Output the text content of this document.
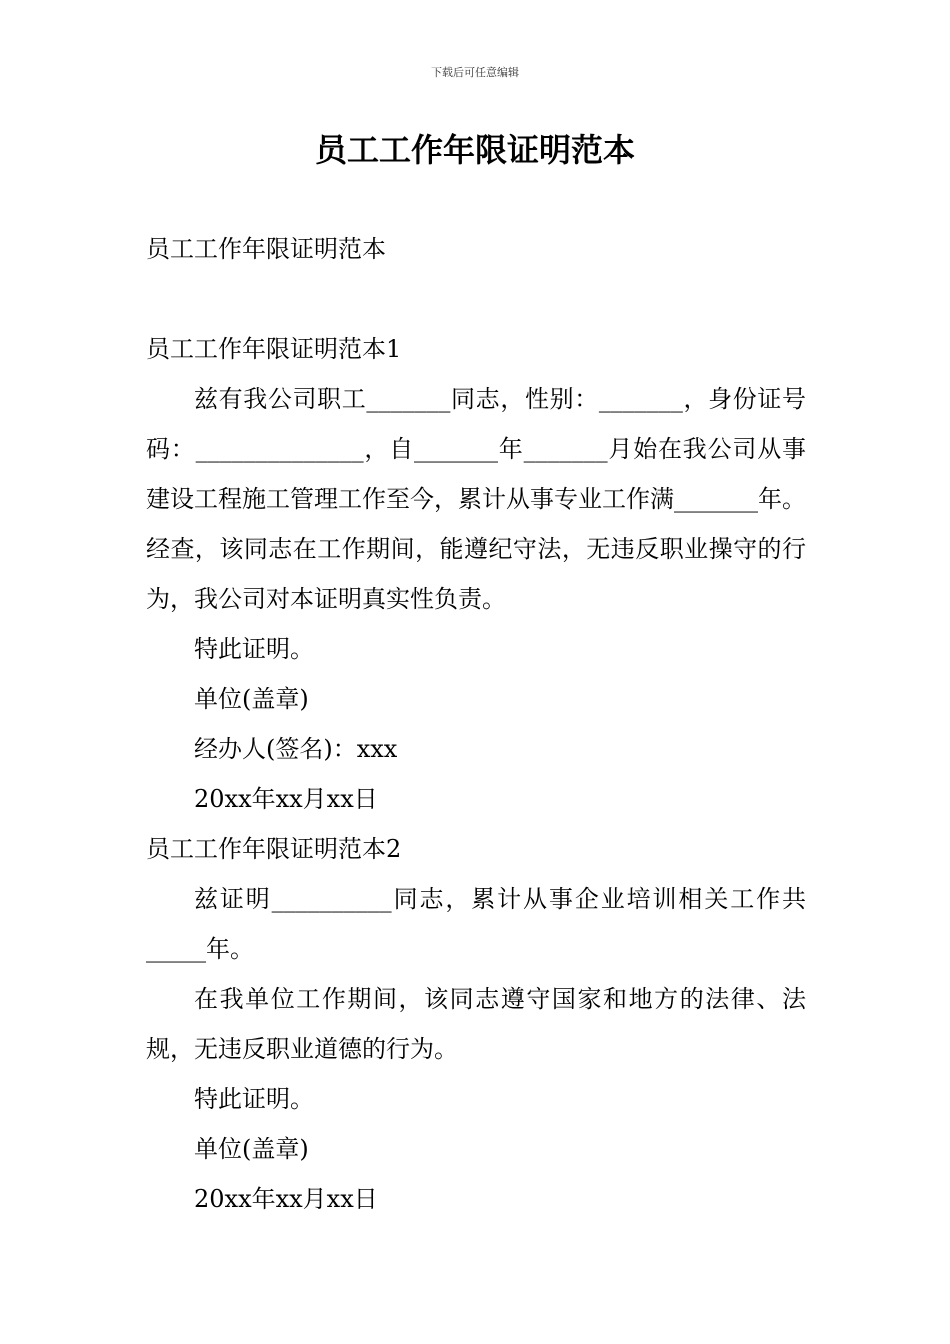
下载后可任意编辑
员工工作年限证明范本

员工工作年限证明范本

员工工作年限证明范本1

兹有我公司职工_______同志，性别：_______，身份证号码：______________，自_______年_______月始在我公司从事建设工程施工管理工作至今，累计从事专业工作满_______年。经查，该同志在工作期间，能遵纪守法，无违反职业操守的行为，我公司对本证明真实性负责。

特此证明。

单位(盖章)

经办人(签名)：xxx

20xx年xx月xx日

员工工作年限证明范本2

兹证明__________同志，累计从事企业培训相关工作共_____年。

在我单位工作期间，该同志遵守国家和地方的法律、法规，无违反职业道德的行为。

特此证明。

单位(盖章)

20xx年xx月xx日
